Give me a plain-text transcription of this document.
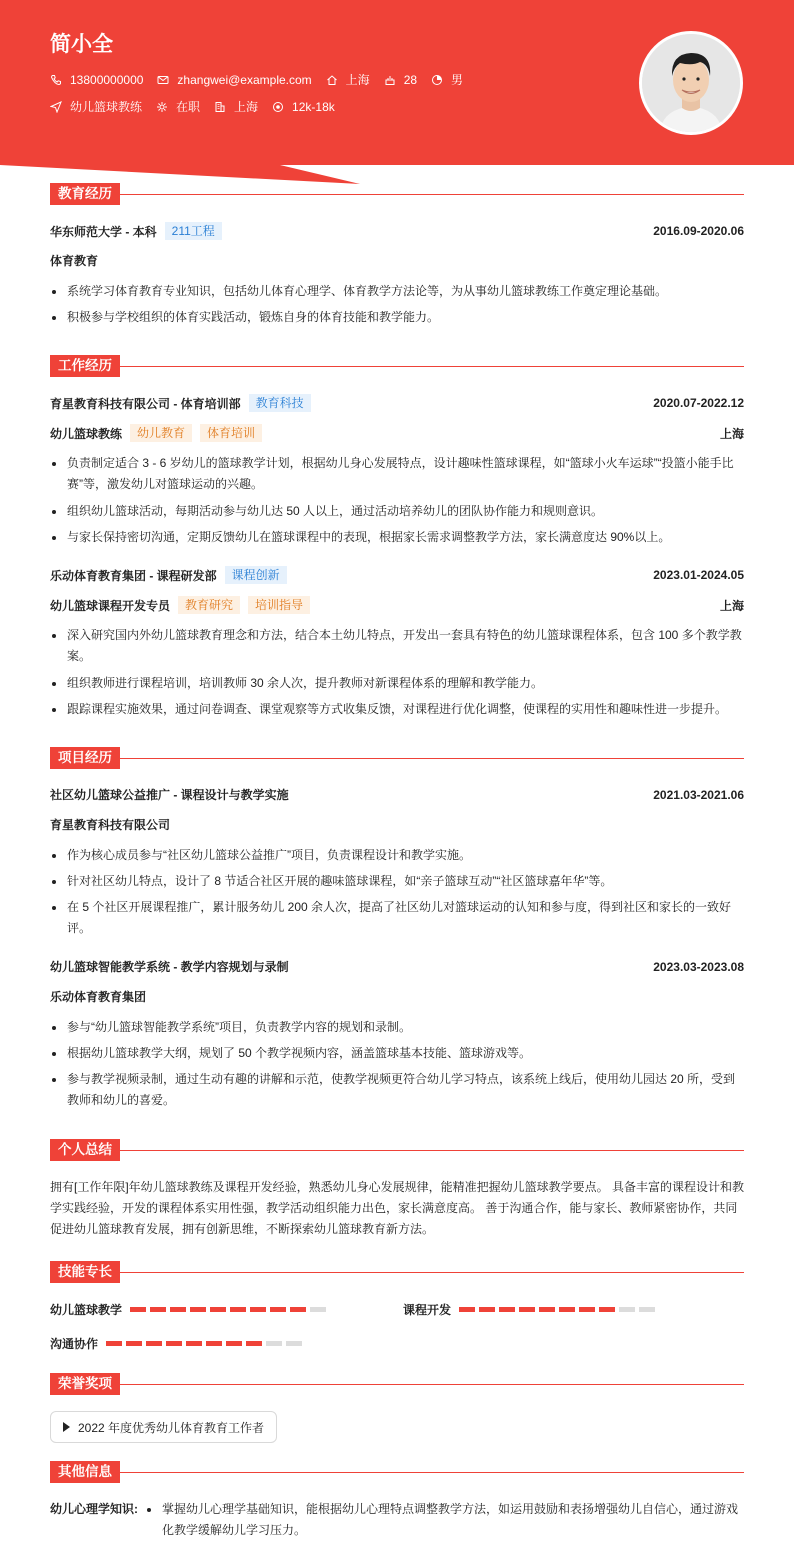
简小全
13800000000	zhangwei@example.com	上海	28	男
幼儿篮球教练	在职	上海	12k-18k
教育经历
华东师范大学 - 本科	211工程	2016.09-2020.06
体育教育
系统学习体育教育专业知识，包括幼儿体育心理学、体育教学方法论等，为从事幼儿篮球教练工作奠定理论基础。
积极参与学校组织的体育实践活动，锻炼自身的体育技能和教学能力。
工作经历
育星教育科技有限公司 - 体育培训部	教育科技	2020.07-2022.12
幼儿篮球教练	幼儿教育	体育培训	上海
负责制定适合 3 - 6 岁幼儿的篮球教学计划，根据幼儿身心发展特点，设计趣味性篮球课程，如“篮球小火车运球”“投篮小能手比赛”等，激发幼儿对篮球运动的兴趣。
组织幼儿篮球活动，每期活动参与幼儿达 50 人以上，通过活动培养幼儿的团队协作能力和规则意识。
与家长保持密切沟通，定期反馈幼儿在篮球课程中的表现，根据家长需求调整教学方法，家长满意度达 90%以上。
乐动体育教育集团 - 课程研发部	课程创新	2023.01-2024.05
幼儿篮球课程开发专员	教育研究	培训指导	上海
深入研究国内外幼儿篮球教育理念和方法，结合本土幼儿特点，开发出一套具有特色的幼儿篮球课程体系，包含 100 多个教学教案。
组织教师进行课程培训，培训教师 30 余人次，提升教师对新课程体系的理解和教学能力。
跟踪课程实施效果，通过问卷调查、课堂观察等方式收集反馈，对课程进行优化调整，使课程的实用性和趣味性进一步提升。
项目经历
社区幼儿篮球公益推广 - 课程设计与教学实施	2021.03-2021.06
育星教育科技有限公司
作为核心成员参与“社区幼儿篮球公益推广”项目，负责课程设计和教学实施。
针对社区幼儿特点，设计了 8 节适合社区开展的趣味篮球课程，如“亲子篮球互动”“社区篮球嘉年华”等。
在 5 个社区开展课程推广，累计服务幼儿 200 余人次，提高了社区幼儿对篮球运动的认知和参与度，得到社区和家长的一致好评。
幼儿篮球智能教学系统 - 教学内容规划与录制	2023.03-2023.08
乐动体育教育集团
参与“幼儿篮球智能教学系统”项目，负责教学内容的规划和录制。
根据幼儿篮球教学大纲，规划了 50 个教学视频内容，涵盖篮球基本技能、篮球游戏等。
参与教学视频录制，通过生动有趣的讲解和示范，使教学视频更符合幼儿学习特点，该系统上线后，使用幼儿园达 20 所，受到教师和幼儿的喜爱。
个人总结
拥有[工作年限]年幼儿篮球教练及课程开发经验，熟悉幼儿身心发展规律，能精准把握幼儿篮球教学要点。 具备丰富的课程设计和教学实践经验，开发的课程体系实用性强，教学活动组织能力出色，家长满意度高。 善于沟通合作，能与家长、教师紧密协作，共同促进幼儿篮球教育发展，拥有创新思维，不断探索幼儿篮球教育新方法。
技能专长
幼儿篮球教学	课程开发
沟通协作
荣誉奖项
2022 年度优秀幼儿体育教育工作者
其他信息
幼儿心理学知识:	掌握幼儿心理学基础知识，能根据幼儿心理特点调整教学方法，如运用鼓励和表扬增强幼儿自信心，通过游戏化教学缓解幼儿学习压力。
